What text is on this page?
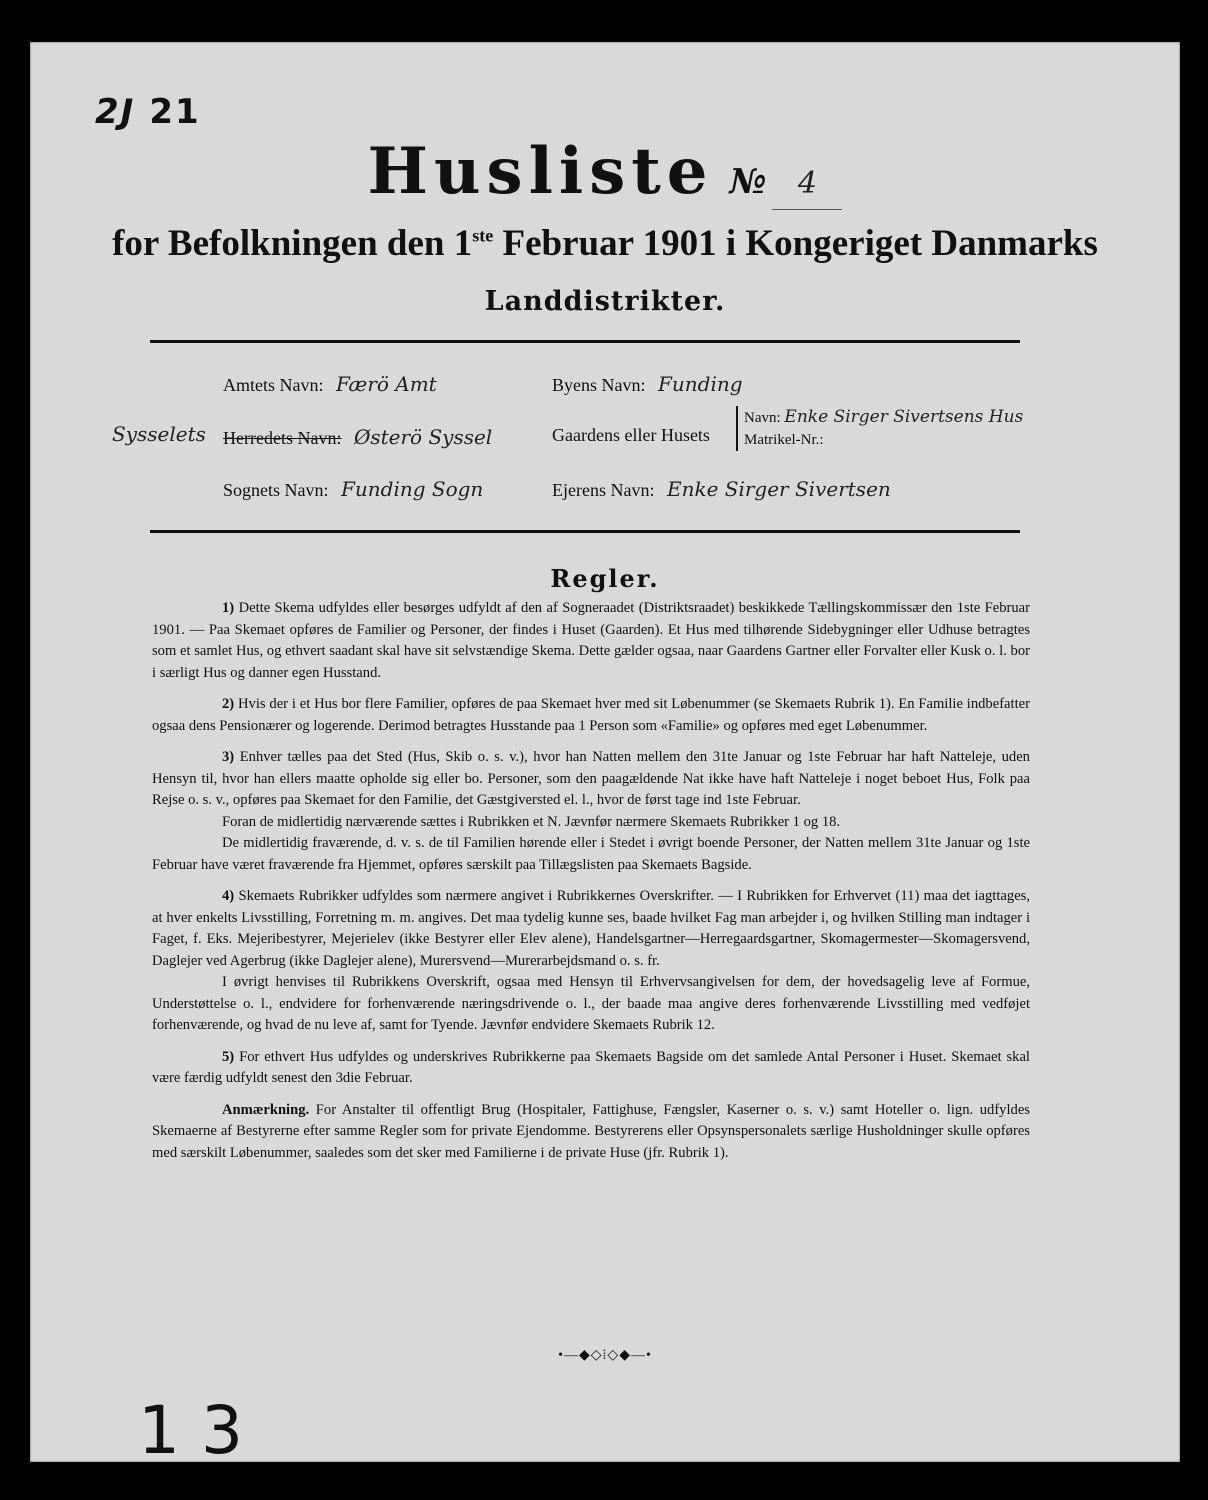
2J 21
Husliste № 4
for Befolkningen den 1ste Februar 1901 i Kongeriget Danmarks
Landdistrikter.
Sysselets
Amtets Navn: Færö Amt	Byens Navn: Funding
Herredets Navn: Østerö Syssel	Gaardens eller Husets
Navn: Enke Sirger Sivertsens Hus
Matrikel-Nr.:
Sognets Navn: Funding Sogn	Ejerens Navn: Enke Sirger Sivertsen
Regler.

1) Dette Skema udfyldes eller besørges udfyldt af den af Sogneraadet (Distriktsraadet) beskikkede Tællingskommissær den 1ste Februar 1901. — Paa Skemaet opføres de Familier og Personer, der findes i Huset (Gaarden). Et Hus med tilhørende Sidebygninger eller Udhuse betragtes som et samlet Hus, og ethvert saadant skal have sit selvstændige Skema. Dette gælder ogsaa, naar Gaardens Gartner eller Forvalter eller Kusk o. l. bor i særligt Hus og danner egen Husstand.

2) Hvis der i et Hus bor flere Familier, opføres de paa Skemaet hver med sit Løbenummer (se Skemaets Rubrik 1). En Familie indbefatter ogsaa dens Pensionærer og logerende. Derimod betragtes Husstande paa 1 Person som «Familie» og opføres med eget Løbenummer.

3) Enhver tælles paa det Sted (Hus, Skib o. s. v.), hvor han Natten mellem den 31te Januar og 1ste Februar har haft Natteleje, uden Hensyn til, hvor han ellers maatte opholde sig eller bo. Personer, som den paagældende Nat ikke have haft Natteleje i noget beboet Hus, Folk paa Rejse o. s. v., opføres paa Skemaet for den Familie, det Gæstgiversted el. l., hvor de først tage ind 1ste Februar.

Foran de midlertidig nærværende sættes i Rubrikken et N. Jævnfør nærmere Skemaets Rubrikker 1 og 18.

De midlertidig fraværende, d. v. s. de til Familien hørende eller i Stedet i øvrigt boende Personer, der Natten mellem 31te Januar og 1ste Februar have været fraværende fra Hjemmet, opføres særskilt paa Tillægslisten paa Skemaets Bagside.

4) Skemaets Rubrikker udfyldes som nærmere angivet i Rubrikkernes Overskrifter. — I Rubrikken for Erhvervet (11) maa det iagttages, at hver enkelts Livsstilling, Forretning m. m. angives. Det maa tydelig kunne ses, baade hvilket Fag man arbejder i, og hvilken Stilling man indtager i Faget, f. Eks. Mejeribestyrer, Mejerielev (ikke Bestyrer eller Elev alene), Handelsgartner—Herregaardsgartner, Skomagermester—Skomagersvend, Daglejer ved Agerbrug (ikke Daglejer alene), Murersvend—Murerarbejdsmand o. s. fr.

I øvrigt henvises til Rubrikkens Overskrift, ogsaa med Hensyn til Erhvervsangivelsen for dem, der hovedsagelig leve af Formue, Understøttelse o. l., endvidere for forhenværende næringsdrivende o. l., der baade maa angive deres forhenværende Livsstilling med vedføjet forhenværende, og hvad de nu leve af, samt for Tyende. Jævnfør endvidere Skemaets Rubrik 12.

5) For ethvert Hus udfyldes og underskrives Rubrikkerne paa Skemaets Bagside om det samlede Antal Personer i Huset. Skemaet skal være færdig udfyldt senest den 3die Februar.

Anmærkning. For Anstalter til offentligt Brug (Hospitaler, Fattighuse, Fængsler, Kaserner o. s. v.) samt Hoteller o. lign. udfyldes Skemaerne af Bestyrerne efter samme Regler som for private Ejendomme. Bestyrerens eller Opsynspersonalets særlige Husholdninger skulle opføres med særskilt Løbenummer, saaledes som det sker med Familierne i de private Huse (jfr. Rubrik 1).

•—◆◇⁞◇◆—•
1 3
